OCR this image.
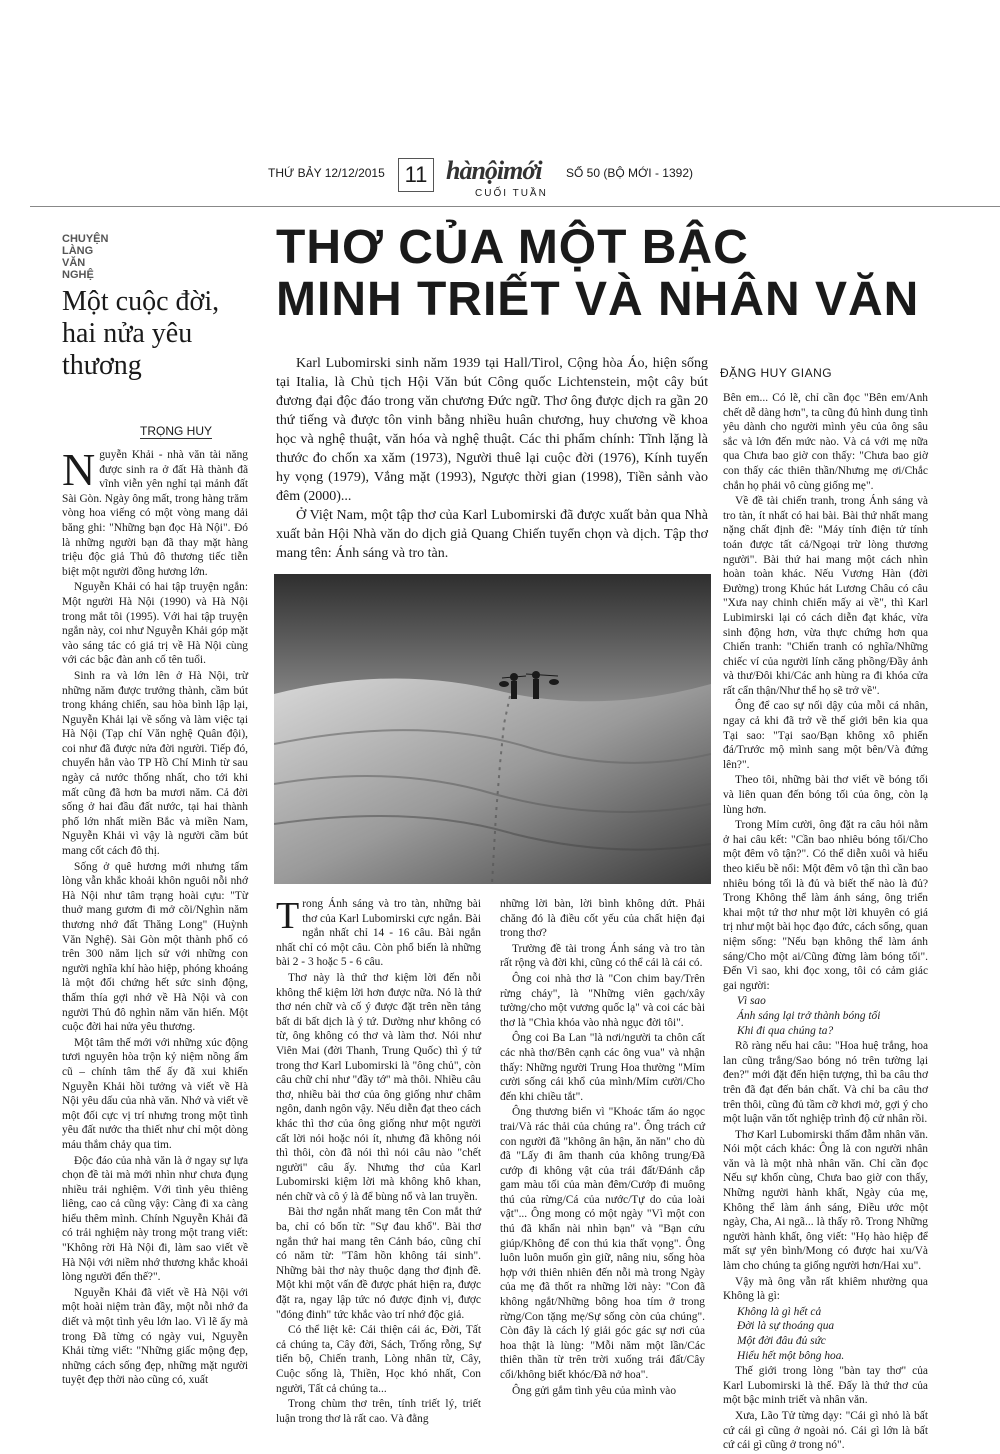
THỨ BẢY 12/12/2015 11 hànộimới
CUỐI TUẦN
SỐ 50 (BỘ MỚI - 1392)
CHUYỆN
LÀNG
VĂN
NGHỆ
Một cuộc đời, hai nửa yêu thương
TRỌNG HUY

Nguyễn Khải - nhà văn tài năng được sinh ra ở đất Hà thành đã vĩnh viễn yên nghỉ tại mảnh đất Sài Gòn. Ngày ông mất, trong hàng trăm vòng hoa viếng có một vòng mang dải băng ghi: "Những bạn đọc Hà Nội". Đó là những người bạn đã thay mặt hàng triệu độc giả Thủ đô thương tiếc tiễn biệt một người đồng hương lớn.

Nguyễn Khải có hai tập truyện ngắn: Một người Hà Nội (1990) và Hà Nội trong mắt tôi (1995). Với hai tập truyện ngắn này, coi như Nguyễn Khải góp mặt vào sáng tác có giá trị về Hà Nội cùng với các bậc đàn anh cố tên tuổi.

Sinh ra và lớn lên ở Hà Nội, trừ những năm được trưởng thành, cầm bút trong kháng chiến, sau hòa bình lập lại, Nguyễn Khải lại về sống và làm việc tại Hà Nội (Tạp chí Văn nghệ Quân đội), coi như đã được nửa đời người. Tiếp đó, chuyển hẳn vào TP Hồ Chí Minh từ sau ngày cả nước thống nhất, cho tới khi mất cũng đã hơn ba mươi năm. Cả đời sống ở hai đầu đất nước, tại hai thành phố lớn nhất miền Bắc và miền Nam, Nguyễn Khải vì vậy là người cầm bút mang cốt cách đô thị.

Sống ở quê hương mới nhưng tấm lòng vẫn khắc khoải khôn nguôi nỗi nhớ Hà Nội như tâm trạng hoài cựu: "Từ thuở mang gươm đi mở cõi/Nghìn năm thương nhớ đất Thăng Long" (Huỳnh Văn Nghệ). Sài Gòn một thành phố có trên 300 năm lịch sử với những con người nghĩa khí hào hiệp, phóng khoáng là một đối chứng hết sức sinh động, thấm thía gợi nhớ về Hà Nội và con người Thủ đô nghìn năm văn hiến. Một cuộc đời hai nửa yêu thương.

Một tâm thế mới với những xúc động tươi nguyên hòa trộn kỷ niệm nồng ấm cũ – chính tâm thế ấy đã xui khiến Nguyễn Khải hồi tưởng và viết về Hà Nội yêu dấu của nhà văn. Nhớ và viết về một đối cực vị trí nhưng trong một tình yêu đất nước tha thiết như chỉ một dòng máu thắm chảy qua tim.

Độc đáo của nhà văn là ở ngay sự lựa chọn đề tài mà mới nhìn như chưa đụng nhiều trải nghiệm. Với tình yêu thiêng liêng, cao cả cũng vậy: Càng đi xa càng hiểu thêm mình. Chính Nguyễn Khải đã có trải nghiệm này trong một trang viết: "Không rời Hà Nội đi, làm sao viết về Hà Nội với niềm nhớ thương khắc khoải lòng người đến thế?".

Nguyễn Khải đã viết về Hà Nội với một hoài niệm tràn đầy, một nỗi nhớ đa diết và một tình yêu lớn lao. Vì lẽ ấy mà trong Đã từng có ngày vui, Nguyễn Khải từng viết: "Những giấc mộng đẹp, những cách sống đẹp, những mặt người tuyệt đẹp thời nào cũng có, xuất

THƠ CỦA MỘT BẬC
MINH TRIẾT VÀ NHÂN VĂN

Karl Lubomirski sinh năm 1939 tại Hall/Tirol, Cộng hòa Áo, hiện sống tại Italia, là Chủ tịch Hội Văn bút Công quốc Lichtenstein, một cây bút đương đại độc đáo trong văn chương Đức ngữ. Thơ ông được dịch ra gần 20 thứ tiếng và được tôn vinh bằng nhiều huân chương, huy chương về khoa học và nghệ thuật, văn hóa và nghệ thuật. Các thi phẩm chính: Tĩnh lặng là thước đo chốn xa xăm (1973), Người thuê lại cuộc đời (1976), Kính tuyến hy vọng (1979), Vắng mặt (1993), Ngược thời gian (1998), Tiền sảnh vào đêm (2000)...

Ở Việt Nam, một tập thơ của Karl Lubomirski đã được xuất bản qua Nhà xuất bản Hội Nhà văn do dịch giả Quang Chiến tuyển chọn và dịch. Tập thơ mang tên: Ánh sáng và tro tàn.

ĐẶNG HUY GIANG

Trong Ánh sáng và tro tàn, những bài thơ của Karl Lubomirski cực ngắn. Bài ngắn nhất chỉ 14 - 16 câu. Bài ngắn nhất chỉ có một câu. Còn phổ biến là những bài 2 - 3 hoặc 5 - 6 câu.

Thơ này là thứ thơ kiệm lời đến nỗi không thể kiệm lời hơn được nữa. Nó là thứ thơ nén chữ và cố ý được đặt trên nền tảng bất di bất dịch là ý tứ. Dường như không có từ, ông không có thơ và làm thơ. Nói như Viên Mai (đời Thanh, Trung Quốc) thì ý tứ trong thơ Karl Lubomirski là "ông chủ", còn câu chữ chỉ như "đầy tớ" mà thôi. Nhiều câu thơ, nhiều bài thơ của ông giống như châm ngôn, danh ngôn vậy. Nếu diễn đạt theo cách khác thì thơ của ông giống như một người cất lời nói hoặc nói ít, nhưng đã không nói thì thôi, còn đã nói thì nói câu nào "chết người" câu ấy. Nhưng thơ của Karl Lubomirski kiệm lời mà không khô khan, nén chữ và cô ý là để bùng nổ và lan truyền.

Bài thơ ngắn nhất mang tên Con mắt thứ ba, chỉ có bốn từ: "Sự đau khổ". Bài thơ ngắn thứ hai mang tên Cảnh báo, cũng chỉ có năm từ: "Tâm hồn không tái sinh". Những bài thơ này thuộc dạng thơ định đề. Một khi một vấn đề được phát hiện ra, được đặt ra, ngay lập tức nó được định vị, được "đóng đinh" tức khắc vào trí nhớ độc giả.

Có thể liệt kê: Cái thiện cái ác, Đời, Tất cả chúng ta, Cây đời, Sách, Trống rỗng, Sự tiến bộ, Chiến tranh, Lòng nhân từ, Cây, Cuộc sống là, Thiền, Học khó nhất, Con người, Tất cả chúng ta...

Trong chùm thơ trên, tính triết lý, triết luận trong thơ là rất cao. Và đằng

những lời bàn, lời bình không dứt. Phải chăng đó là điều cốt yếu của chất hiện đại trong thơ?

Trường đề tài trong Ánh sáng và tro tàn rất rộng và đời khi, cũng có thể cái là cái có.

Ông coi nhà thơ là "Con chim bay/Trên rừng cháy", là "Những viên gạch/xây tường/cho một vương quốc lạ" và coi các bài thơ là "Chìa khóa vào nhà ngục đời tôi".

Ông coi Ba Lan "là nơi/người ta chôn cất các nhà thơ/Bên cạnh các ông vua" và nhận thấy: Những người Trung Hoa thường "Mỉm cười sống cái khổ của mình/Mỉm cười/Cho đến khi chiều tắt".

Ông thương biển vì "Khoác tấm áo ngọc trai/Và rác thải của chúng ra". Ông trách cứ con người đã "không ân hận, ăn năn" cho dù đã "Lấy đi âm thanh của không trung/Đã cướp đi không vật của trái đất/Đánh cắp gam màu tối của màn đêm/Cướp đi muông thú của rừng/Cá của nước/Tự do của loài vật"... Ông mong có một ngày "Vì một con thú đã khẩn nài nhìn bạn" và "Bạn cứu giúp/Không để con thú kia thất vọng". Ông luôn luôn muốn gìn giữ, nâng niu, sống hòa hợp với thiên nhiên đến nỗi mà trong Ngày của mẹ đã thốt ra những lời này: "Con đã không ngắt/Những bông hoa tím ở trong rừng/Con tặng mẹ/Sự sống còn của chúng". Còn đây là cách lý giải góc gác sự nơi của hoa thật là lùng: "Mỗi năm một lần/Các thiên thần từ trên trời xuống trái đất/Cây cối/không biết khóc/Đã nở hoa".

Ông gửi gắm tình yêu của mình vào

Bên em... Có lẽ, chỉ cần đọc "Bên em/Anh chết dễ dàng hơn", ta cũng đủ hình dung tình yêu dành cho người mình yêu của ông sâu sắc và lớn đến mức nào. Và cả với mẹ nữa qua Chưa bao giờ con thấy: "Chưa bao giờ con thấy các thiên thần/Nhưng mẹ ơi/Chắc chắn họ phải vô cùng giống mẹ".

Về đề tài chiến tranh, trong Ánh sáng và tro tàn, ít nhất có hai bài. Bài thứ nhất mang nặng chất định đề: "Máy tính điện tử tính toán được tất cả/Ngoại trừ lòng thương người". Bài thứ hai mang một cách nhìn hoàn toàn khác. Nếu Vương Hàn (đời Đường) trong Khúc hát Lương Châu có câu "Xưa nay chinh chiến mấy ai về", thì Karl Lubimirski lại có cách diễn đạt khác, vừa sinh động hơn, vừa thực chứng hơn qua Chiến tranh: "Chiến tranh có nghĩa/Những chiếc ví của người lính căng phồng/Đầy ảnh và thư/Đôi khi/Các anh hùng ra đi khóa cửa rất cẩn thận/Như thể họ sẽ trở về".

Ông để cao sự nối dậy của mỗi cá nhân, ngay cả khi đã trở về thế giới bên kia qua Tại sao: "Tại sao/Bạn không xô phiến đá/Trước mộ mình sang một bên/Và đứng lên?".

Theo tôi, những bài thơ viết về bóng tối và liên quan đến bóng tối của ông, còn lạ lùng hơn.

Trong Mỉm cười, ông đặt ra câu hỏi nằm ở hai câu kết: "Cần bao nhiêu bóng tối/Cho một đêm vô tận?". Có thể diễn xuôi và hiểu theo kiểu bề nổi: Một đêm vô tận thì cần bao nhiêu bóng tối là đủ và biết thế nào là đủ? Trong Không thể làm ánh sáng, ông triển khai một tứ thơ như một lời khuyên có giá trị như một bài học đạo đức, cách sống, quan niệm sống: "Nếu bạn không thể làm ánh sáng/Cho một ai/Cũng đừng làm bóng tối". Đến Vì sao, khi đọc xong, tôi có cảm giác gai người:

Vì sao
Ánh sáng lại trở thành bóng tối
Khi đi qua chúng ta?

Rõ ràng nếu hai câu: "Hoa huệ trắng, hoa lan cũng trắng/Sao bóng nó trên tường lại đen?" mới đặt đến hiện tượng, thì ba câu thơ trên đã đạt đến bản chất. Và chỉ ba câu thơ trên thôi, cũng đủ tầm cỡ khơi mở, gợi ý cho một luận văn tốt nghiệp trình độ cử nhân rồi.

Thơ Karl Lubomirski thấm đẫm nhân văn. Nói một cách khác: Ông là con người nhân văn và là một nhà nhân văn. Chỉ cần đọc Nếu sự khốn cùng, Chưa bao giờ con thấy, Những người hành khất, Ngày của mẹ, Không thể làm ánh sáng, Điều ước một ngày, Cha, Ai ngã... là thấy rõ. Trong Những người hành khất, ông viết: "Họ hào hiệp để mất sự yên bình/Mong có được hai xu/Và làm cho chúng ta giống người hơn/Hai xu".

Vậy mà ông vẫn rất khiêm nhường qua Không là gì:

Không là gì hết cả
Đời là sự thoáng qua
Một đời đâu đủ sức
Hiểu hết một bông hoa.

Thế giới trong lòng "bàn tay thơ" của Karl Lubomirski là thế. Đấy là thứ thơ của một bậc minh triết và nhân văn.

Xưa, Lão Tử từng dạy: "Cái gì nhỏ là bất cứ cái gì cũng ở ngoài nó. Cái gì lớn là bất cứ cái gì cũng ở trong nó".
